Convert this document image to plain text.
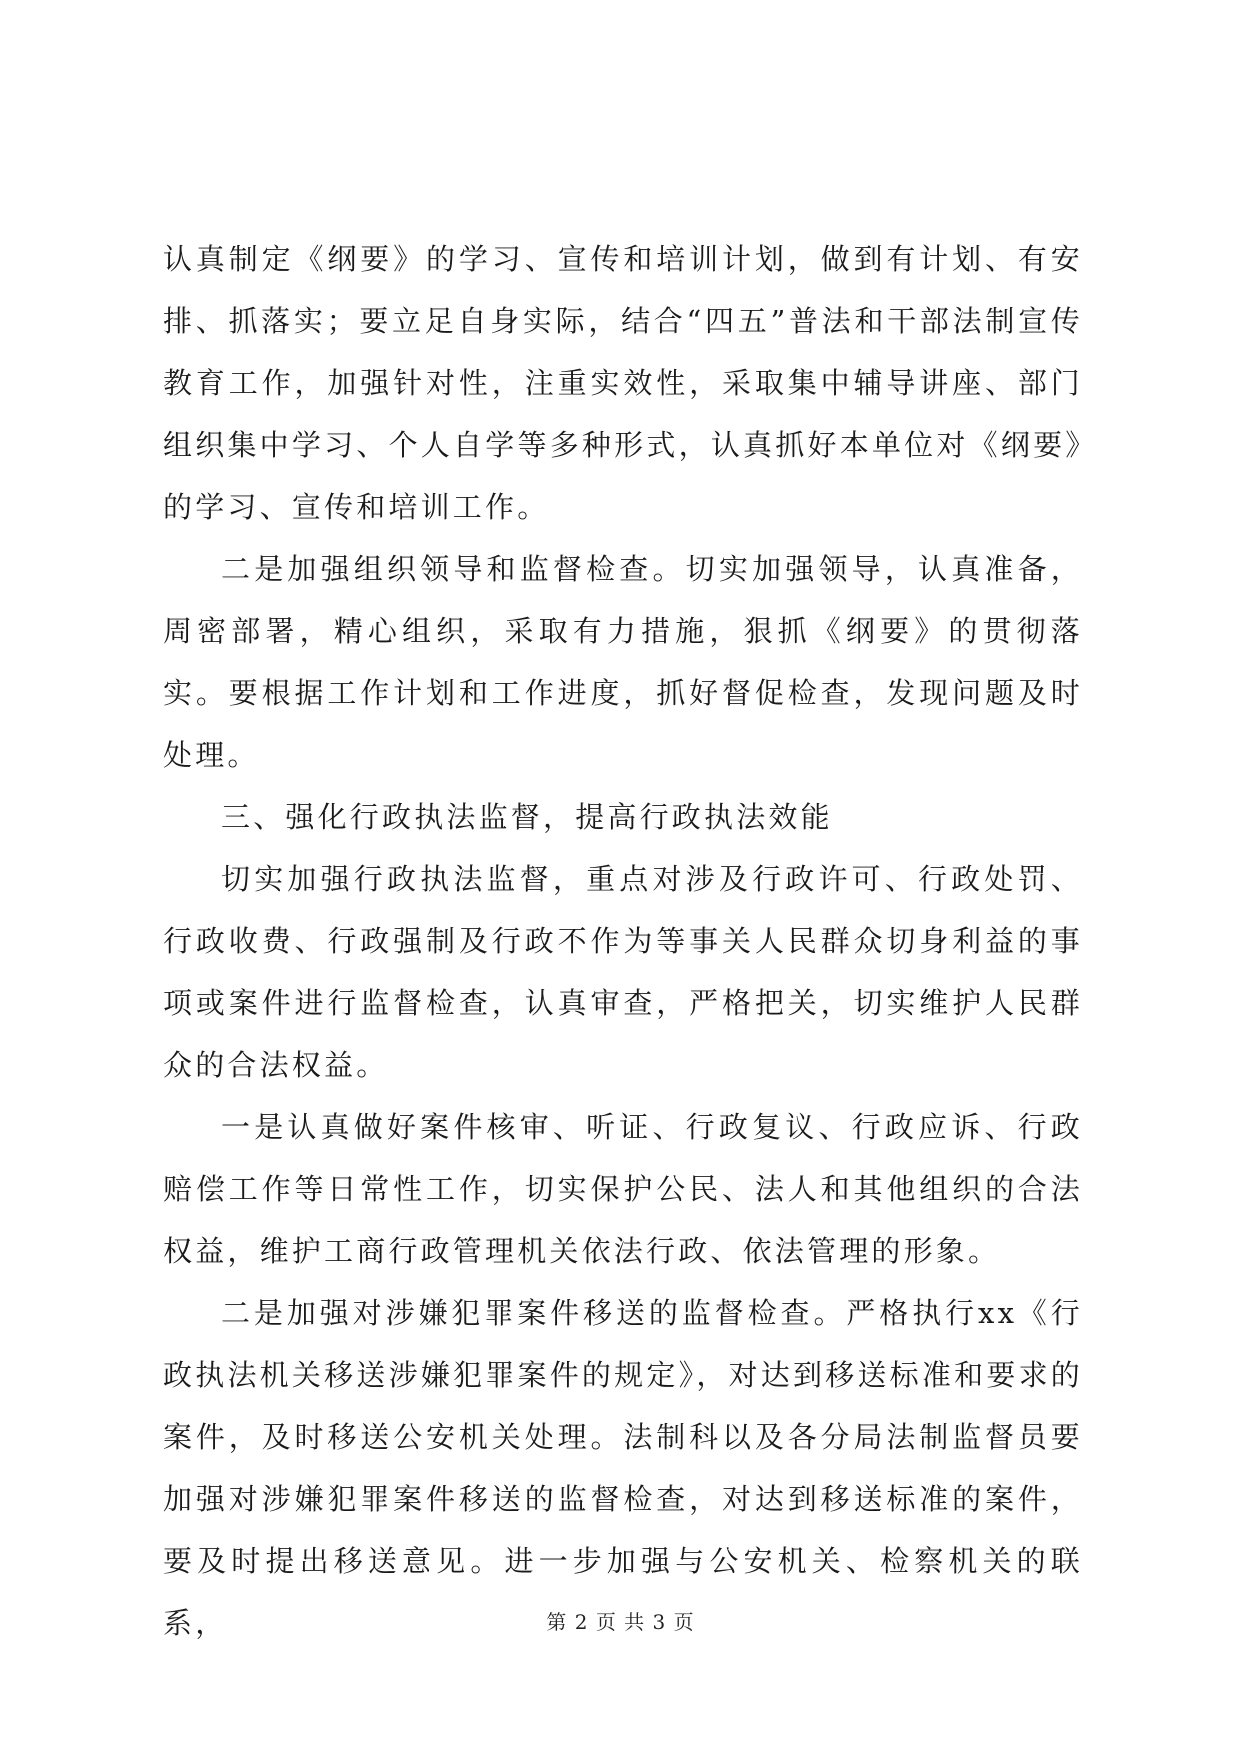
认真制定《纲要》的学习、宣传和培训计划，做到有计划、有安排、抓落实；要立足自身实际，结合“四五”普法和干部法制宣传教育工作，加强针对性，注重实效性，采取集中辅导讲座、部门组织集中学习、个人自学等多种形式，认真抓好本单位对《纲要》的学习、宣传和培训工作。

二是加强组织领导和监督检查。切实加强领导，认真准备，周密部署，精心组织，采取有力措施，狠抓《纲要》的贯彻落实。要根据工作计划和工作进度，抓好督促检查，发现问题及时处理。

三、强化行政执法监督，提高行政执法效能

切实加强行政执法监督，重点对涉及行政许可、行政处罚、行政收费、行政强制及行政不作为等事关人民群众切身利益的事项或案件进行监督检查，认真审查，严格把关，切实维护人民群众的合法权益。

一是认真做好案件核审、听证、行政复议、行政应诉、行政赔偿工作等日常性工作，切实保护公民、法人和其他组织的合法权益，维护工商行政管理机关依法行政、依法管理的形象。

二是加强对涉嫌犯罪案件移送的监督检查。严格执行xx《行政执法机关移送涉嫌犯罪案件的规定》，对达到移送标准和要求的案件，及时移送公安机关处理。法制科以及各分局法制监督员要加强对涉嫌犯罪案件移送的监督检查，对达到移送标准的案件，要及时提出移送意见。进一步加强与公安机关、检察机关的联系，	第 2 页 共 3 页
